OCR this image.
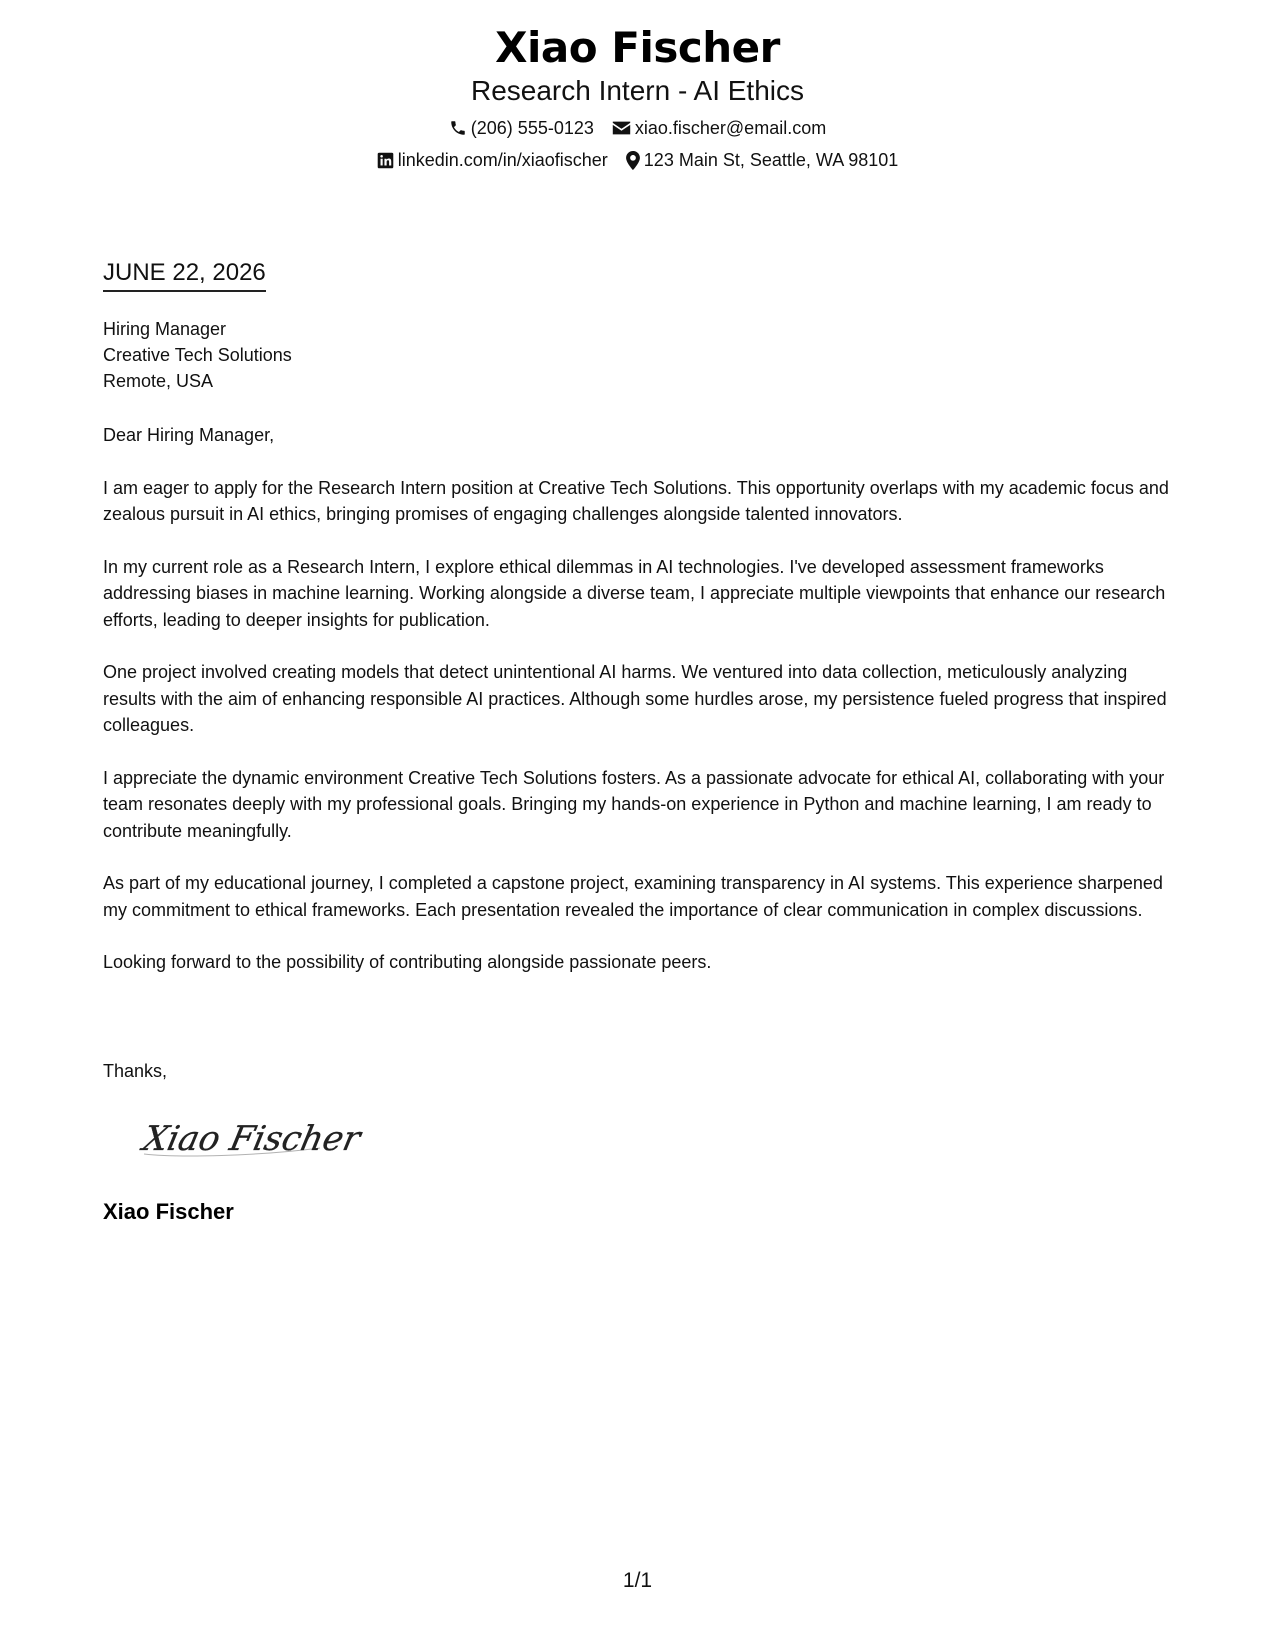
Xiao Fischer
Research Intern - AI Ethics
(206) 555-0123 xiao.fischer@email.com
linkedin.com/in/xiaofischer 123 Main St, Seattle, WA 98101
JUNE 22, 2026
Hiring Manager
Creative Tech Solutions
Remote, USA

Dear Hiring Manager,

I am eager to apply for the Research Intern position at Creative Tech Solutions. This opportunity overlaps with my academic focus and zealous pursuit in AI ethics, bringing promises of engaging challenges alongside talented innovators.

In my current role as a Research Intern, I explore ethical dilemmas in AI technologies. I've developed assessment frameworks addressing biases in machine learning. Working alongside a diverse team, I appreciate multiple viewpoints that enhance our research efforts, leading to deeper insights for publication.

One project involved creating models that detect unintentional AI harms. We ventured into data collection, meticulously analyzing results with the aim of enhancing responsible AI practices. Although some hurdles arose, my persistence fueled progress that inspired colleagues.

I appreciate the dynamic environment Creative Tech Solutions fosters. As a passionate advocate for ethical AI, collaborating with your team resonates deeply with my professional goals. Bringing my hands-on experience in Python and machine learning, I am ready to contribute meaningfully.

As part of my educational journey, I completed a capstone project, examining transparency in AI systems. This experience sharpened my commitment to ethical frameworks. Each presentation revealed the importance of clear communication in complex discussions.

Looking forward to the possibility of contributing alongside passionate peers.

Thanks,
Xiao Fischer
Xiao Fischer
1/1
